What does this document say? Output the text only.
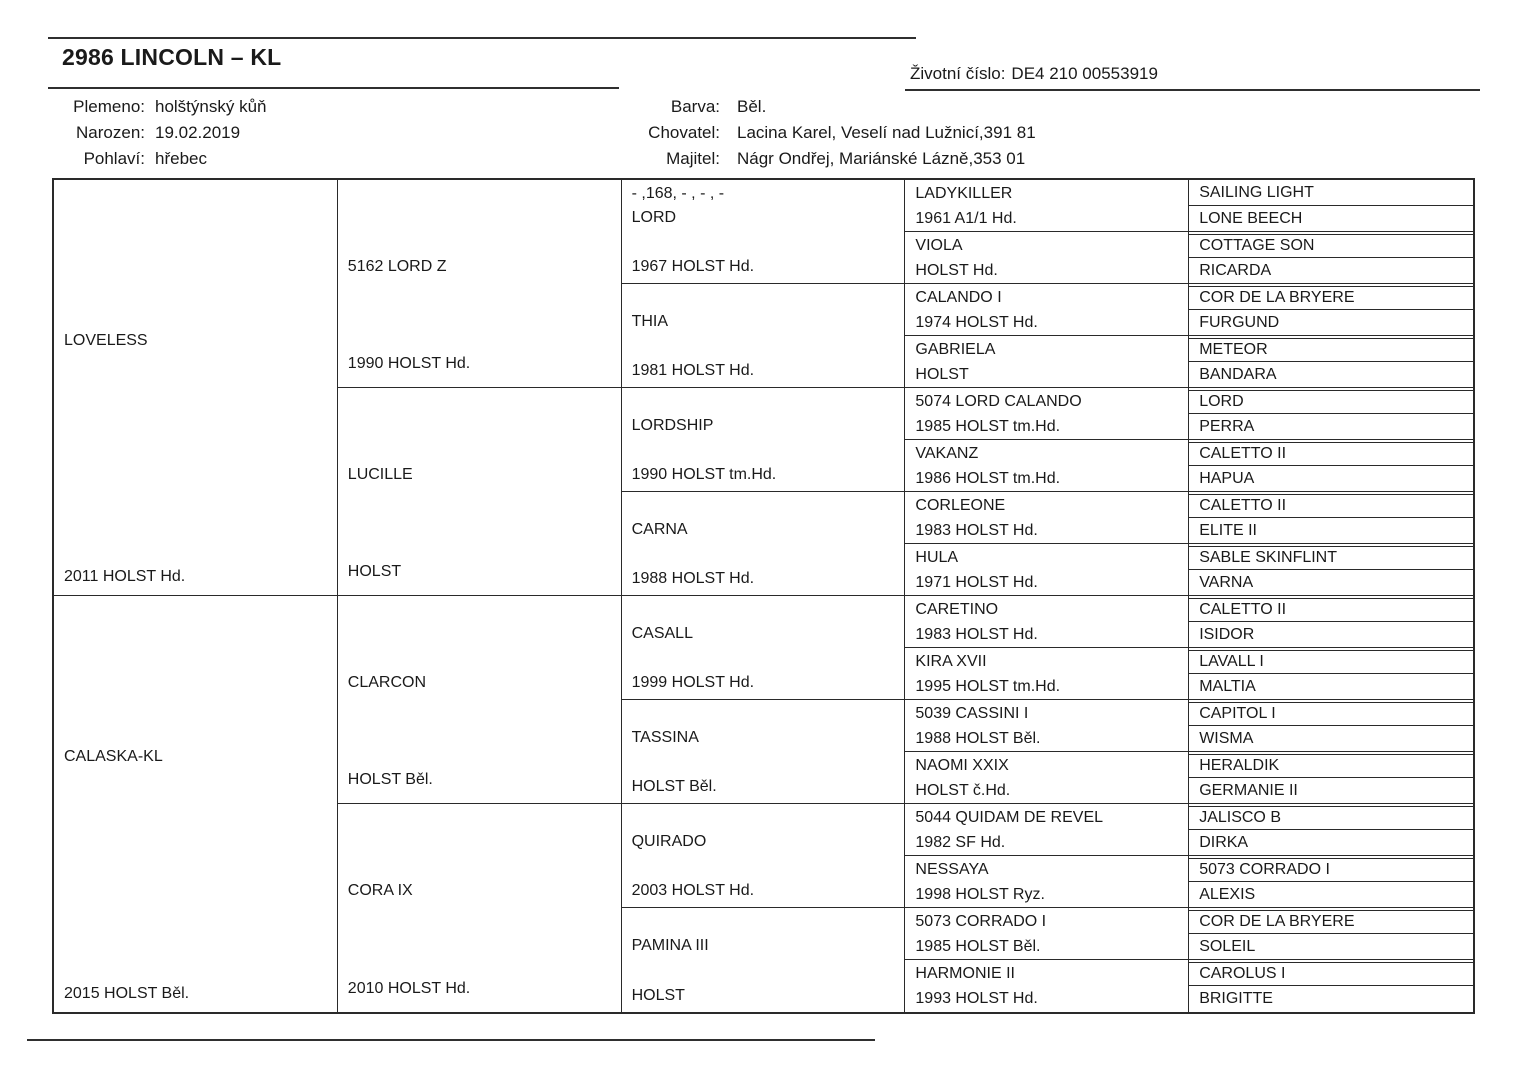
2986 LINCOLN – KL
Životní číslo: DE4 210 00553919
Plemeno: holštýnský kůň
Narozen: 19.02.2019
Pohlaví: hřebec
Barva: Běl.
Chovatel: Lacina Karel, Veselí nad Lužnicí,391 81
Majitel: Nágr Ondřej, Mariánské Lázně,353 01
LOVELESS
2011 HOLST Hd.
CALASKA-KL
2015 HOLST Běl.
5162 LORD Z
1990 HOLST Hd.
LUCILLE
HOLST
CLARCON
HOLST Běl.
CORA IX
2010 HOLST Hd.
- ,168, - , - , -
LORD
1967 HOLST Hd.
THIA
1981 HOLST Hd.
LORDSHIP
1990 HOLST tm.Hd.
CARNA
1988 HOLST Hd.
CASALL
1999 HOLST Hd.
TASSINA
HOLST Běl.
QUIRADO
2003 HOLST Hd.
PAMINA III
HOLST
LADYKILLER
1961 A1/1 Hd.
VIOLA
HOLST Hd.
CALANDO I
1974 HOLST Hd.
GABRIELA
HOLST
5074 LORD CALANDO
1985 HOLST tm.Hd.
VAKANZ
1986 HOLST tm.Hd.
CORLEONE
1983 HOLST Hd.
HULA
1971 HOLST Hd.
CARETINO
1983 HOLST Hd.
KIRA XVII
1995 HOLST tm.Hd.
5039 CASSINI I
1988 HOLST Běl.
NAOMI XXIX
HOLST č.Hd.
5044 QUIDAM DE REVEL
1982 SF Hd.
NESSAYA
1998 HOLST Ryz.
5073 CORRADO I
1985 HOLST Běl.
HARMONIE II
1993 HOLST Hd.
SAILING LIGHT
LONE BEECH
COTTAGE SON
RICARDA
COR DE LA BRYERE
FURGUND
METEOR
BANDARA
LORD
PERRA
CALETTO II
HAPUA
CALETTO II
ELITE II
SABLE SKINFLINT
VARNA
CALETTO II
ISIDOR
LAVALL I
MALTIA
CAPITOL I
WISMA
HERALDIK
GERMANIE II
JALISCO B
DIRKA
5073 CORRADO I
ALEXIS
COR DE LA BRYERE
SOLEIL
CAROLUS I
BRIGITTE
